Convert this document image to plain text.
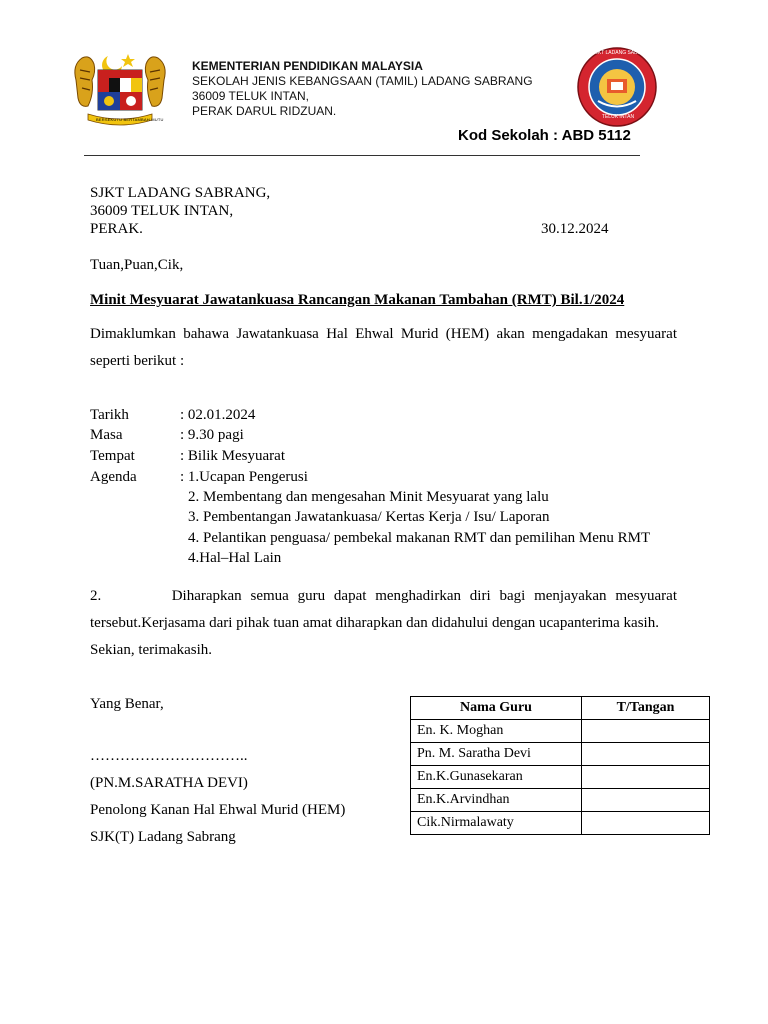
BERSEKUTU BERTAMBAH MUTU
KEMENTERIAN PENDIDIKAN MALAYSIA
SEKOLAH JENIS KEBANGSAAN (TAMIL) LADANG SABRANG
36009 TELUK INTAN,
PERAK DARUL RIDZUAN.
SJKT LADANG SABRANG
TELUK INTAN
Kod Sekolah : ABD 5112
SJKT LADANG SABRANG,
36009 TELUK INTAN,
PERAK.	30.12.2024
Tuan,Puan,Cik,
Minit Mesyuarat Jawatankuasa Rancangan Makanan Tambahan (RMT) Bil.1/2024
Dimaklumkan bahawa Jawatankuasa Hal Ehwal Murid (HEM) akan mengadakan mesyuarat seperti berikut :
Tarikh	: 02.01.2024
Masa	: 9.30 pagi
Tempat	: Bilik Mesyuarat
Agenda	: 1.Ucapan Pengerusi
2. Membentang dan mengesahan Minit Mesyuarat yang lalu
3. Pembentangan Jawatankuasa/ Kertas Kerja / Isu/ Laporan
4. Pelantikan penguasa/ pembekal makanan RMT dan pemilihan Menu RMT
4.Hal–Hal Lain
2.        Diharapkan semua guru dapat menghadirkan diri bagi menjayakan mesyuarat tersebut.Kerjasama dari pihak tuan amat diharapkan dan didahului dengan ucapanterima kasih.
Sekian, terimakasih.
Yang Benar,
…………………………..
(PN.M.SARATHA DEVI)
Penolong Kanan Hal Ehwal Murid (HEM)
SJK(T) Ladang Sabrang
Nama Guru	T/Tangan
En. K. Moghan	
Pn. M. Saratha Devi	
En.K.Gunasekaran	
En.K.Arvindhan	
Cik.Nirmalawaty	
